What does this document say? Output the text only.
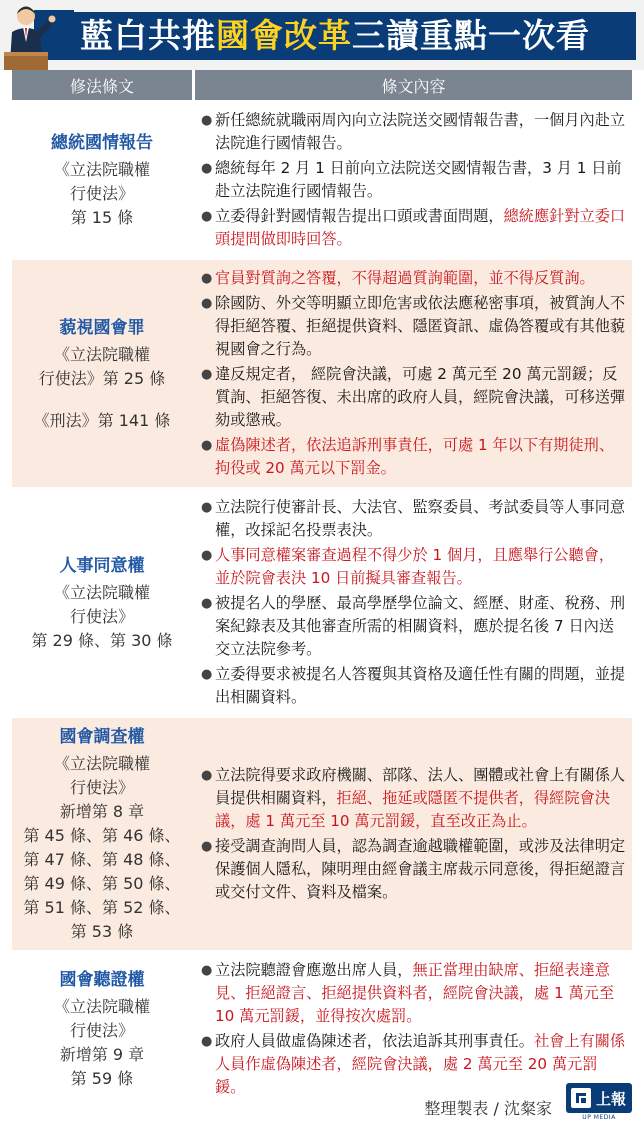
藍白共推 國會改革 三讀重點一次看
修法條文	條文內容
總統國情報告
《立法院職權
行使法》
第 15 條
● 新任總統就職兩周內向立法院送交國情報告書，一個月內赴立法院進行國情報告。
● 總統每年 2 月 1 日前向立法院送交國情報告書，3 月 1 日前赴立法院進行國情報告。
● 立委得針對國情報告提出口頭或書面問題，總統應針對立委口頭提問做即時回答。
藐視國會罪
《立法院職權
行使法》第 25 條
《刑法》第 141 條
● 官員對質詢之答覆，不得超過質詢範圍，並不得反質詢。
● 除國防、外交等明顯立即危害或依法應秘密事項，被質詢人不得拒絕答覆、拒絕提供資料、隱匿資訊、虛偽答覆或有其他藐視國會之行為。
● 違反規定者， 經院會決議，可處 2 萬元至 20 萬元罰鍰；反質詢、拒絕答復、未出席的政府人員，經院會決議，可移送彈劾或懲戒。
● 虛偽陳述者，依法追訴刑事責任，可處 1 年以下有期徒刑、拘役或 20 萬元以下罰金。
人事同意權
《立法院職權
行使法》
第 29 條、第 30 條
● 立法院行使審計長、大法官、監察委員、考試委員等人事同意權，改採記名投票表決。
● 人事同意權案審查過程不得少於 1 個月，且應舉行公聽會，並於院會表決 10 日前擬具審查報告。
● 被提名人的學歷、最高學歷學位論文、經歷、財產、稅務、刑案紀錄表及其他審查所需的相關資料，應於提名後 7 日內送交立法院參考。
● 立委得要求被提名人答覆與其資格及適任性有關的問題，並提出相關資料。
國會調查權
《立法院職權
行使法》
新增第 8 章
第 45 條、第 46 條、
第 47 條、第 48 條、
第 49 條、第 50 條、
第 51 條、第 52 條、
第 53 條
● 立法院得要求政府機關、部隊、法人、團體或社會上有關係人員提供相關資料，拒絕、拖延或隱匿不提供者，得經院會決議，處 1 萬元至 10 萬元罰鍰，直至改正為止。
● 接受調查詢問人員，認為調查逾越職權範圍，或涉及法律明定保護個人隱私，陳明理由經會議主席裁示同意後，得拒絕證言或交付文件、資料及檔案。
國會聽證權
《立法院職權
行使法》
新增第 9 章
第 59 條
● 立法院聽證會應邀出席人員，無正當理由缺席、拒絕表達意見、拒絕證言、拒絕提供資料者，經院會決議，處 1 萬元至 10 萬元罰鍰，並得按次處罰。
● 政府人員做虛偽陳述者，依法追訴其刑事責任。社會上有關係人員作虛偽陳述者，經院會決議，處 2 萬元至 20 萬元罰鍰。
整理製表 / 沈粲家
上報
UP MEDIA
